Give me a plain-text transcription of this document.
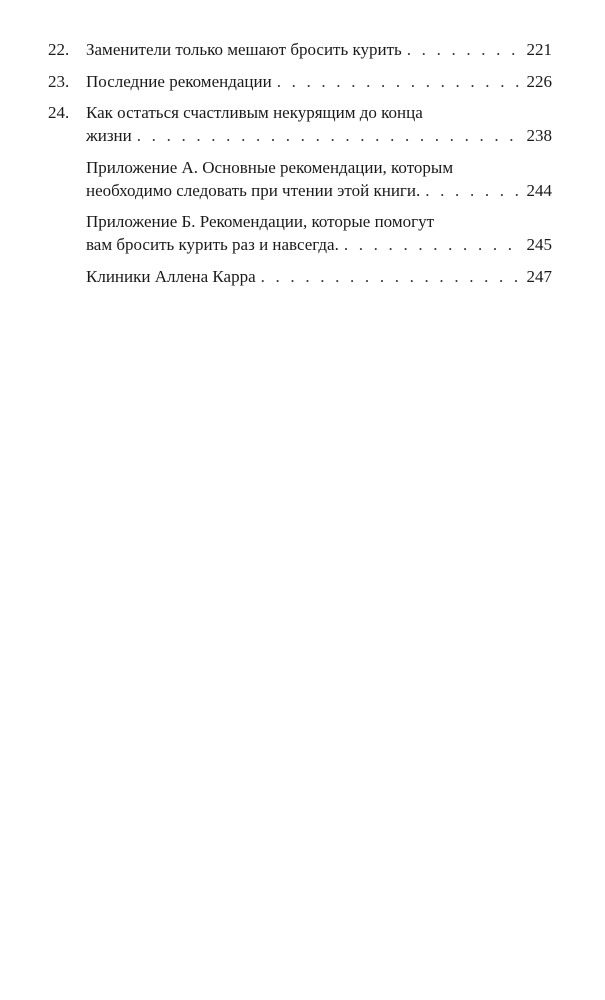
22. Заменители только мешают бросить курить . . .	221
23. Последние рекомендации . . .	226
24. Как остаться счастливым некурящим до конца
жизни . . .	238
Приложение А. Основные рекомендации, которым
необходимо следовать при чтении этой книги. . . .	244
Приложение Б. Рекомендации, которые помогут
вам бросить курить раз и навсегда. . . .	245
Клиники Аллена Карра . . .	247
